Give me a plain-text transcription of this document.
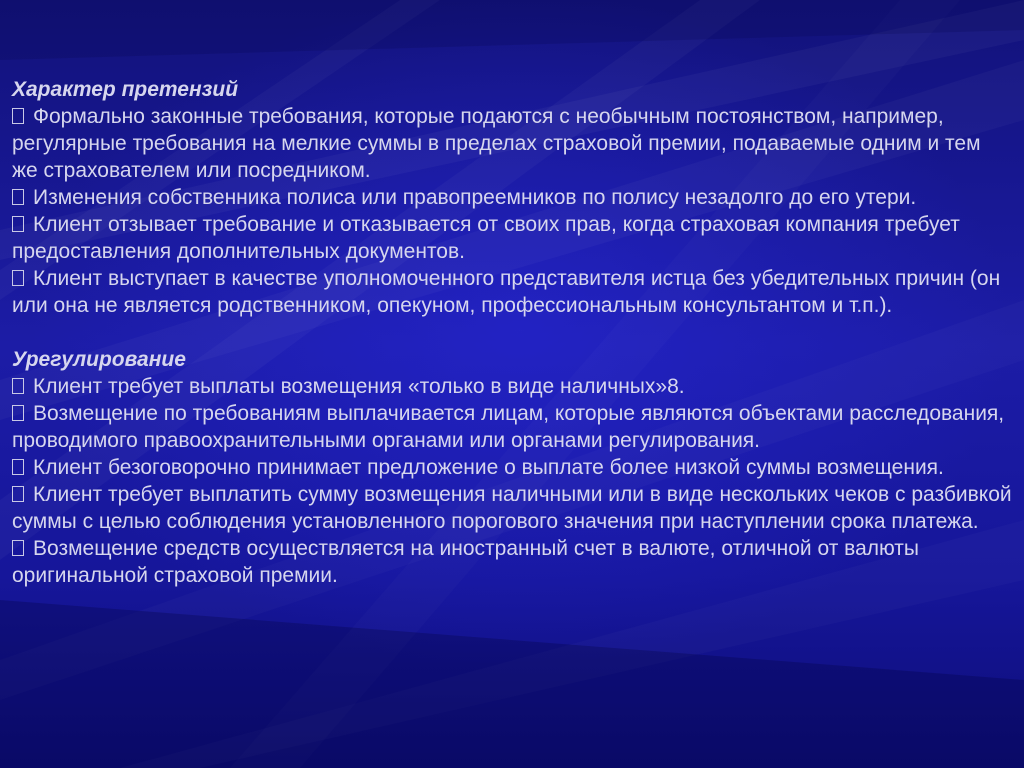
Характер претензий

Формально законные требования, которые подаются с необычным постоянством, например, регулярные требования на мелкие суммы в пределах страховой премии, подаваемые одним и тем же страхователем или посредником.

Изменения собственника полиса или правопреемников по полису незадолго до его утери.

Клиент отзывает требование и отказывается от своих прав, когда страховая компания требует предоставления дополнительных документов.

Клиент выступает в качестве уполномоченного представителя истца без убедительных причин (он или она не является родственником, опекуном, профессиональным консультантом и т.п.).

Урегулирование

Клиент требует выплаты возмещения «только в виде наличных»8.

Возмещение по требованиям выплачивается лицам, которые являются объектами расследования, проводимого правоохранительными органами или органами регулирования.

Клиент безоговорочно принимает предложение о выплате более низкой суммы возмещения.

Клиент требует выплатить сумму возмещения наличными или в виде нескольких чеков с разбивкой суммы с целью соблюдения установленного порогового значения при наступлении срока платежа.

Возмещение средств осуществляется на иностранный счет в валюте, отличной от валюты оригинальной страховой премии.
